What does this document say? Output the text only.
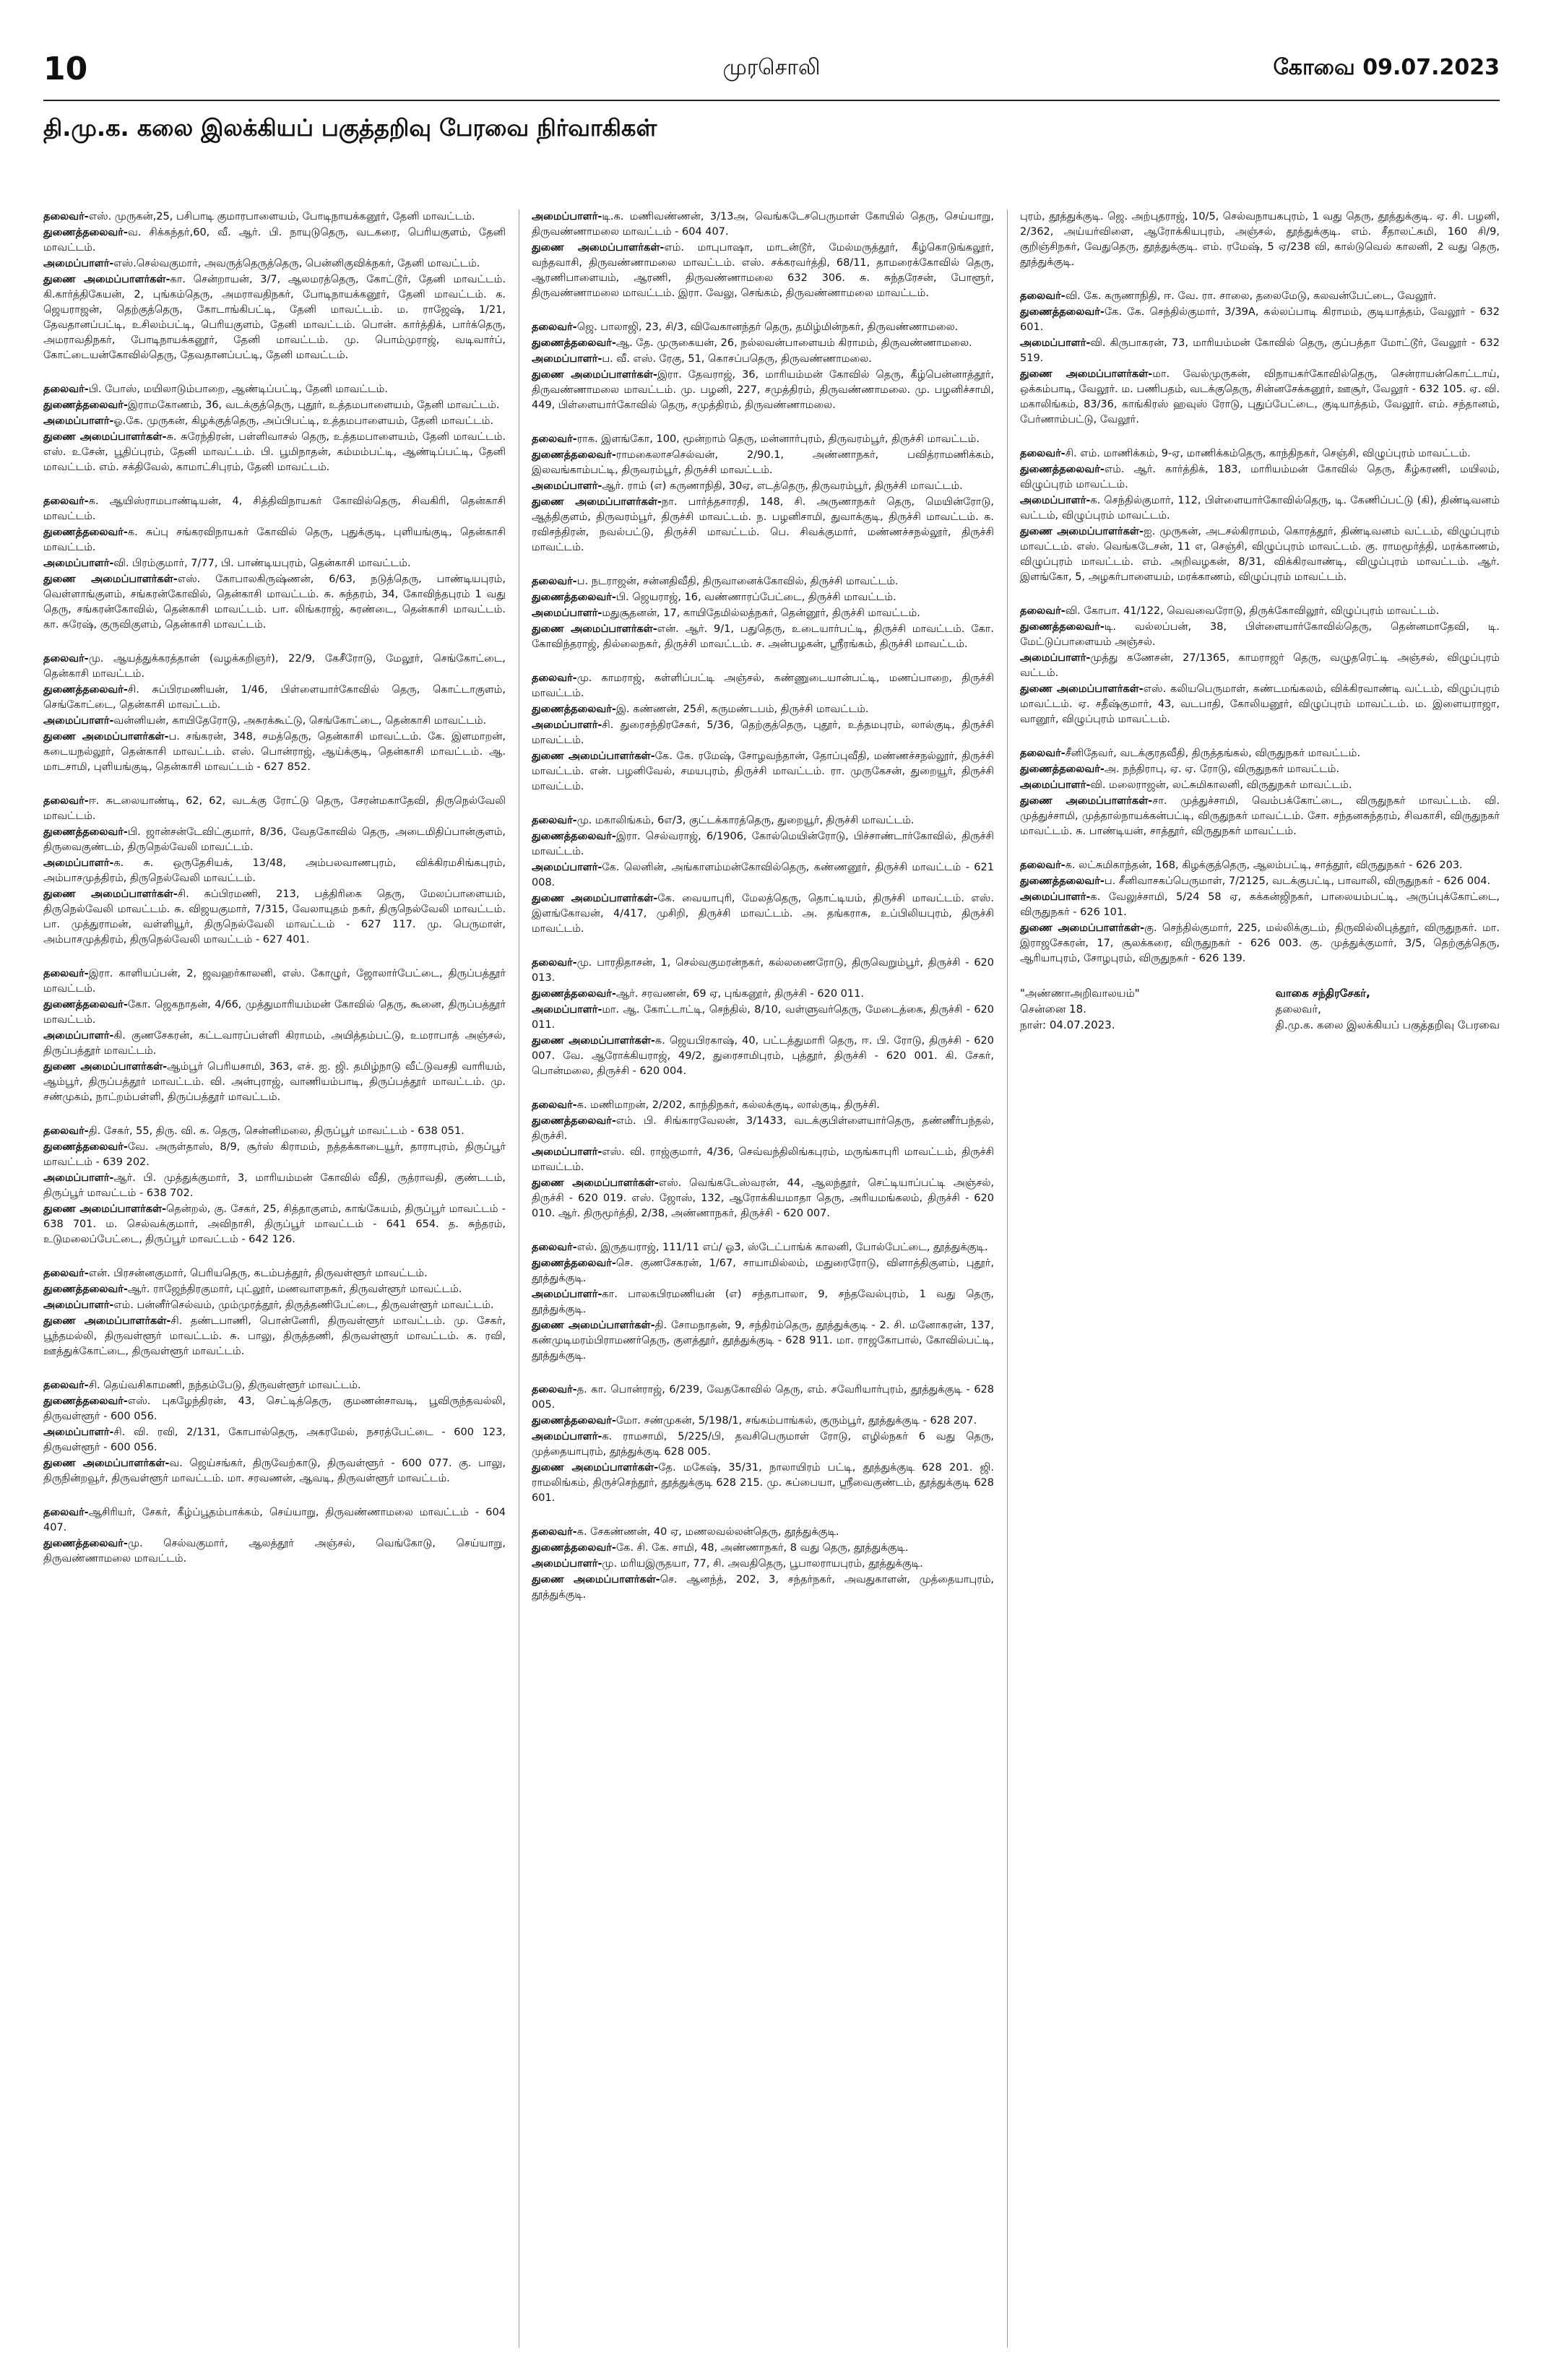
10	முரசொலி	கோவை 09.07.2023
தி.மு.க. கலை இலக்கியப் பகுத்தறிவு பேரவை நிர்வாகிகள்

தலைவர்-எஸ். முருகன்,25, பசிபாடி குமாரபாளையம், போடிநாயக்கனூர், தேனி மாவட்டம்.

துணைத்தலைவர்-வ. சிக்கந்தர்,60, வீ. ஆர். பி. நாயுடுதெரு, வடகரை, பெரியகுளம், தேனி மாவட்டம்.

அமைப்பாளர்-எஸ்.செல்வகுமார், அவருத்தெருத்தெரு, பென்னிகுவிக்நகர், தேனி மாவட்டம்.

துணை அமைப்பாளர்கள்-கா. சென்றாயன், 3/7, ஆலமரத்தெரு, கோட்டூர், தேனி மாவட்டம். கி.கார்த்திகேயன், 2, புங்கம்தெரு, அமராவதிநகர், போடிநாயக்கனூர், தேனி மாவட்டம். க. ஜெயராஜன், தெற்குத்தெரு, கோடாங்கிபட்டி, தேனி மாவட்டம். ம. ராஜேஷ், 1/21, தேவதானப்பட்டி, உசிலம்பட்டி, பெரியகுளம், தேனி மாவட்டம். பொன். கார்த்திக், பார்க்தெரு, அமராவதிநகர், போடிநாயக்கனூர், தேனி மாவட்டம். மு. பொம்முராஜ், வடிவார்ப், கோட்டையன்கோவில்தெரு, தேவதானப்பட்டி, தேனி மாவட்டம்.

தலைவர்-பி. போஸ், மயிலாடும்பாறை, ஆண்டிப்பட்டி, தேனி மாவட்டம்.

துணைத்தலைவர்-இராமகோணம், 36, வடக்குத்தெரு, புதூர், உத்தமபாளையம், தேனி மாவட்டம்.

அமைப்பாளர்-ஓ.கே. முருகன், கிழக்குத்தெரு, அப்பிபட்டி, உத்தமபாளையம், தேனி மாவட்டம்.

துணை அமைப்பாளர்கள்-சு. சுரேந்திரன், பள்ளிவாசல் தெரு, உத்தமபாளையம், தேனி மாவட்டம். எஸ். உசேன், பூதிப்புரம், தேனி மாவட்டம். பி. பூமிநாதன், கம்மம்பட்டி, ஆண்டிப்பட்டி, தேனி மாவட்டம். எம். சக்திவேல், காமாட்சிபுரம், தேனி மாவட்டம்.

தலைவர்-க. ஆயிஸ்ராமபாண்டியன், 4, சித்திவிநாயகர் கோவில்தெரு, சிவகிரி, தென்காசி மாவட்டம்.

துணைத்தலைவர்-க. சுப்பு சங்கரவிநாயகர் கோவில் தெரு, புதுக்குடி, புளியங்குடி, தென்காசி மாவட்டம்.

அமைப்பாளர்-வி. பிரம்குமார், 7/77, பி. பாண்டியபுரம், தென்காசி மாவட்டம்.

துணை அமைப்பாளர்கள்-எஸ். கோபாலகிருஷ்ணன், 6/63, நடுத்தெரு, பாண்டியபுரம், வெள்ளாங்குளம், சங்கரன்கோவில், தென்காசி மாவட்டம். சு. சுந்தரம், 34, கோவிந்தபுரம் 1 வது தெரு, சங்கரன்கோவில், தென்காசி மாவட்டம். பா. லிங்கராஜ், சுரண்டை, தென்காசி மாவட்டம். கா. சுரேஷ், குருவிகுளம், தென்காசி மாவட்டம்.

தலைவர்-மு. ஆயத்துக்கரத்தான் (வழக்கறிஞர்), 22/9, கேசீரோடு, மேலூர், செங்கோட்டை, தென்காசி மாவட்டம்.

துணைத்தலைவர்-சி. சுப்பிரமணியன், 1/46, பிள்ளையார்கோவில் தெரு, கொட்டாகுளம், செங்கோட்டை, தென்காசி மாவட்டம்.

அமைப்பாளர்-வன்னியன், காயிதேரோடு, அசுரக்கூட்டு, செங்கோட்டை, தென்காசி மாவட்டம்.

துணை அமைப்பாளர்கள்-ப. சங்கரன், 348, சமத்தெரு, தென்காசி மாவட்டம். கே. இளமாறன், கடையநல்லூர், தென்காசி மாவட்டம். எஸ். பொன்ராஜ், ஆய்க்குடி, தென்காசி மாவட்டம். ஆ. மாடசாமி, புளியங்குடி, தென்காசி மாவட்டம் - 627 852.

தலைவர்-ஈ. சுடலையாண்டி, 62, 62, வடக்கு ரோட்டு தெரு, சேரன்மகாதேவி, திருநெல்வேலி மாவட்டம்.

துணைத்தலைவர்-பி. ஜான்சன்டேவிட்குமார், 8/36, வேதகோவில் தெரு, அடைமிதிப்பான்குளம், திருவைகுண்டம், திருநெல்வேலி மாவட்டம்.

அமைப்பாளர்-க. சு. ஒருதேசியக், 13/48, அம்பலவாணபுரம், விக்கிரமசிங்கபுரம், அம்பாசமுத்திரம், திருநெல்வேலி மாவட்டம்.

துணை அமைப்பாளர்கள்-சி. சுப்பிரமணி, 213, பத்திரிகை தெரு, மேலப்பாளையம், திருநெல்வேலி மாவட்டம். சு. விஜயகுமார், 7/315, வேலாயுதம் நகர், திருநெல்வேலி மாவட்டம். பா. முத்துராமன், வள்ளியூர், திருநெல்வேலி மாவட்டம் - 627 117. மு. பெருமாள், அம்பாசமுத்திரம், திருநெல்வேலி மாவட்டம் - 627 401.

தலைவர்-இரா. காளியப்பன், 2, ஜவஹர்காலனி, எஸ். கோழுர், ஜோலார்பேட்டை, திருப்பத்தூர் மாவட்டம்.

துணைத்தலைவர்-கோ. ஜெகநாதன், 4/66, முத்துமாரியம்மன் கோவில் தெரு, கூனை, திருப்பத்தூர் மாவட்டம்.

அமைப்பாளர்-கி. குணசேகரன், கட்டவாரப்பள்ளி கிராமம், அயித்தம்பட்டு, உமராபாத் அஞ்சல், திருப்பத்தூர் மாவட்டம்.

துணை அமைப்பாளர்கள்-ஆம்பூர் பெரியசாமி, 363, எச். ஐ. ஜி. தமிழ்நாடு வீட்டுவசதி வாரியம், ஆம்பூர், திருப்பத்தூர் மாவட்டம். வி. அன்புராஜ், வாணியம்பாடி, திருப்பத்தூர் மாவட்டம். மு. சண்முகம், நாட்றம்பள்ளி, திருப்பத்தூர் மாவட்டம்.

தலைவர்-தி. சேகர், 55, திரு. வி. க. தெரு, சென்னிமலை, திருப்பூர் மாவட்டம் - 638 051.

துணைத்தலைவர்-வே. அருள்தாஸ், 8/9, சூர்ஸ் கிராமம், நத்தக்காடையூர், தாராபுரம், திருப்பூர் மாவட்டம் - 639 202.

அமைப்பாளர்-ஆர். பி. முத்துக்குமார், 3, மாரியம்மன் கோவில் வீதி, ருத்ராவதி, குண்டடம், திருப்பூர் மாவட்டம் - 638 702.

துணை அமைப்பாளர்கள்-தென்றல், கு. சேகர், 25, சித்தாகுளம், காங்கேயம், திருப்பூர் மாவட்டம் - 638 701. ம. செல்வக்குமார், அவிநாசி, திருப்பூர் மாவட்டம் - 641 654. த. சுந்தரம், உடுமலைப்பேட்டை, திருப்பூர் மாவட்டம் - 642 126.

தலைவர்-என். பிரசன்னகுமார், பெரியதெரு, கடம்பத்தூர், திருவள்ளூர் மாவட்டம்.

துணைத்தலைவர்-ஆர். ராஜேந்திரகுமார், புட்லூர், மணவாளநகர், திருவள்ளூர் மாவட்டம்.

அமைப்பாளர்-எம். பன்னீர்செல்வம், மும்முரத்தூர், திருத்தணிபேட்டை, திருவள்ளூர் மாவட்டம்.

துணை அமைப்பாளர்கள்-சி. தண்டபாணி, பொன்னேரி, திருவள்ளூர் மாவட்டம். மு. சேகர், பூந்தமல்லி, திருவள்ளூர் மாவட்டம். சு. பாலு, திருத்தணி, திருவள்ளூர் மாவட்டம். க. ரவி, ஊத்துக்கோட்டை, திருவள்ளூர் மாவட்டம்.

தலைவர்-சி. தெய்வசிகாமணி, நந்தம்பேடு, திருவள்ளூர் மாவட்டம்.

துணைத்தலைவர்-எஸ். புகழேந்திரன், 43, செட்டித்தெரு, குமணன்சாவடி, பூவிருந்தவல்லி, திருவள்ளூர் - 600 056.

அமைப்பாளர்-சி. வி. ரவி, 2/131, கோபால்தெரு, அகரமேல், நசரத்பேட்டை - 600 123, திருவள்ளூர் - 600 056.

துணை அமைப்பாளர்கள்-வ. ஜெய்சங்கர், திருவேற்காடு, திருவள்ளூர் - 600 077. கு. பாலு, திருநின்றவூர், திருவள்ளூர் மாவட்டம். மா. சரவணன், ஆவடி, திருவள்ளூர் மாவட்டம்.

தலைவர்-ஆசிரியர், சேகர், கீழ்ப்பூதம்பாக்கம், செய்யாறு, திருவண்ணாமலை மாவட்டம் - 604 407.

துணைத்தலைவர்-மு. செல்வகுமார், ஆலத்தூர் அஞ்சல், வெங்கோடு, செய்யாறு, திருவண்ணாமலை மாவட்டம்.

அமைப்பாளர்-டி.க. மணிவண்ணன், 3/13அ, வெங்கடேசபெருமாள் கோயில் தெரு, செய்யாறு, திருவண்ணாமலை மாவட்டம் - 604 407.

துணை அமைப்பாளர்கள்-எம். மாபுபாஷா, மாடன்டூர், மேல்மருத்தூர், கீழ்கொடுங்கலூர், வந்தவாசி, திருவண்ணாமலை மாவட்டம். எஸ். சக்கரவர்த்தி, 68/11, தாமரைக்கோவில் தெரு, ஆரணிபாளையம், ஆரணி, திருவண்ணாமலை 632 306. சு. சுந்தரேசன், போளூர், திருவண்ணாமலை மாவட்டம். இரா. வேலு, செங்கம், திருவண்ணாமலை மாவட்டம்.

தலைவர்-ஜெ. பாலாஜி, 23, சி/3, விவேகானந்தர் தெரு, தமிழ்மின்நகர், திருவண்ணாமலை.

துணைத்தலைவர்-ஆ. தே. முருகையன், 26, நல்லவன்பாளையம் கிராமம், திருவண்ணாமலை.

அமைப்பாளர்-ப. வீ. எஸ். ரேகு, 51, கொசப்பதெரு, திருவண்ணாமலை.

துணை அமைப்பாளர்கள்-இரா. தேவராஜ், 36, மாரியம்மன் கோவில் தெரு, கீழ்பென்னாத்தூர், திருவண்ணாமலை மாவட்டம். மு. பழனி, 227, சமுத்திரம், திருவண்ணாமலை. மு. பழனிச்சாமி, 449, பிள்ளையார்கோவில் தெரு, சமுத்திரம், திருவண்ணாமலை.

தலைவர்-ராக. இளங்கோ, 100, மூன்றாம் தெரு, மன்னார்புரம், திருவரம்பூர், திருச்சி மாவட்டம்.

துணைத்தலைவர்-ராமகைலாசசெல்வன், 2/90.1, அண்ணாநகர், பவித்ராமணிக்கம், இலவங்காம்பட்டி, திருவரம்பூர், திருச்சி மாவட்டம்.

அமைப்பாளர்-ஆர். ராம் (எ) கருணாநிதி, 30ஏ, எடத்தெரு, திருவரம்பூர், திருச்சி மாவட்டம்.

துணை அமைப்பாளர்கள்-நா. பார்த்தசாரதி, 148, சி. அருணாநகர் தெரு, மெயின்ரோடு, ஆத்திகுளம், திருவரம்பூர், திருச்சி மாவட்டம். ந. பழனிசாமி, துவாக்குடி, திருச்சி மாவட்டம். க. ரவிசந்திரன், நவல்பட்டு, திருச்சி மாவட்டம். பெ. சிவக்குமார், மண்ணச்சநல்லூர், திருச்சி மாவட்டம்.

தலைவர்-ப. நடராஜன், சன்னதிவீதி, திருவானைக்கோவில், திருச்சி மாவட்டம்.

துணைத்தலைவர்-பி. ஜெயராஜ், 16, வண்ணாரப்பேட்டை, திருச்சி மாவட்டம்.

அமைப்பாளர்-மதுசூதனன், 17, காயிதேமில்லத்நகர், தென்னூர், திருச்சி மாவட்டம்.

துணை அமைப்பாளர்கள்-என். ஆர். 9/1, பதுதெரு, உடையார்பட்டி, திருச்சி மாவட்டம். கோ. கோவிந்தராஜ், தில்லைநகர், திருச்சி மாவட்டம். ச. அன்பழகன், ஸ்ரீரங்கம், திருச்சி மாவட்டம்.

தலைவர்-மு. காமராஜ், கள்ளிப்பட்டி அஞ்சல், கண்ணுடையான்பட்டி, மணப்பாறை, திருச்சி மாவட்டம்.

துணைத்தலைவர்-இ. கண்ணன், 25சி, கருமண்டபம், திருச்சி மாவட்டம்.

அமைப்பாளர்-சி. துரைசந்திரசேகர், 5/36, தெற்குத்தெரு, புதூர், உத்தமபுரம், லால்குடி, திருச்சி மாவட்டம்.

துணை அமைப்பாளர்கள்-கே. கே. ரமேஷ், சோழவந்தான், தோப்புவீதி, மண்ணச்சநல்லூர், திருச்சி மாவட்டம். என். பழனிவேல், சமயபுரம், திருச்சி மாவட்டம். ரா. முருகேசன், துறையூர், திருச்சி மாவட்டம்.

தலைவர்-மு. மகாலிங்கம், 6எ/3, குட்டக்காரத்தெரு, துறையூர், திருச்சி மாவட்டம்.

துணைத்தலைவர்-இரா. செல்வராஜ், 6/1906, கோல்மெயின்ரோடு, பிச்சாண்டார்கோவில், திருச்சி மாவட்டம்.

அமைப்பாளர்-கே. லெனின், அங்காளம்மன்கோவில்தெரு, கண்ணனூர், திருச்சி மாவட்டம் - 621 008.

துணை அமைப்பாளர்கள்-கே. வையாபுரி, மேலத்தெரு, தொட்டியம், திருச்சி மாவட்டம். எஸ். இளங்கோவன், 4/417, முசிறி, திருச்சி மாவட்டம். அ. தங்கராசு, உப்பிலியபுரம், திருச்சி மாவட்டம்.

தலைவர்-மு. பாரதிதாசன், 1, செல்வகுமரன்நகர், கல்லணைரோடு, திருவெறும்பூர், திருச்சி - 620 013.

துணைத்தலைவர்-ஆர். சரவணன், 69 ஏ, புங்கனூர், திருச்சி - 620 011.

அமைப்பாளர்-மா. ஆ. கோட்டாட்டி, செந்தில், 8/10, வள்ளுவர்தெரு, மேடைத்கை, திருச்சி - 620 011.

துணை அமைப்பாளர்கள்-க. ஜெயபிரகாஷ், 40, பட்டத்துமாரி தெரு, ஈ. பி. ரோடு, திருச்சி - 620 007. வே. ஆரோக்கியராஜ், 49/2, துரைசாமிபுரம், புத்தூர், திருச்சி - 620 001. கி. சேகர், பொன்மலை, திருச்சி - 620 004.

தலைவர்-க. மணிமாறன், 2/202, காந்திநகர், கல்லக்குடி, லால்குடி, திருச்சி.

துணைத்தலைவர்-எம். பி. சிங்காரவேலன், 3/1433, வடக்குபிள்ளையார்தெரு, தண்ணீர்பந்தல், திருச்சி.

அமைப்பாளர்-எஸ். வி. ராஜ்குமார், 4/36, செவ்வந்திலிங்கபுரம், மருங்காபுரி மாவட்டம், திருச்சி மாவட்டம்.

துணை அமைப்பாளர்கள்-எஸ். வெங்கடேஸ்வரன், 44, ஆலந்தூர், செட்டியாப்பட்டி அஞ்சல், திருச்சி - 620 019. எஸ். ஜோஸ், 132, ஆரோக்கியமாதா தெரு, அரியமங்கலம், திருச்சி - 620 010. ஆர். திருமூர்த்தி, 2/38, அண்ணாநகர், திருச்சி - 620 007.

தலைவர்-எல். இருதயராஜ், 111/11 எப்/ ஓ3, ஸ்டேட்பாங்க் காலனி, போல்பேட்டை, தூத்துக்குடி.

துணைத்தலைவர்-செ. குணசேகரன், 1/67, சாயாமில்லம், மதுரைரோடு, விளாத்திகுளம், புதூர், தூத்துக்குடி.

அமைப்பாளர்-கா. பாலகபிரமணியன் (எ) சந்தாபாலா, 9, சந்தவேல்புரம், 1 வது தெரு, தூத்துக்குடி.

துணை அமைப்பாளர்கள்-தி. சோமநாதன், 9, சந்திரம்தெரு, தூத்துக்குடி - 2. சி. மனோகரன், 137, கண்முடிமரம்பிராமணர்தெரு, குளத்தூர், தூத்துக்குடி - 628 911. மா. ராஜகோபால், கோவில்பட்டி, தூத்துக்குடி.

தலைவர்-த. கா. பொன்ராஜ், 6/239, வேதகோவில் தெரு, எம். சவேரியார்புரம், தூத்துக்குடி - 628 005.

துணைத்தலைவர்-மோ. சண்முகன், 5/198/1, சங்கம்பாங்கல், குரும்பூர், தூத்துக்குடி - 628 207.

அமைப்பாளர்-க. ராமசாமி, 5/225/பி, தவசிபெருமாள் ரோடு, எழில்நகர் 6 வது தெரு, முத்தையாபுரம், தூத்துக்குடி 628 005.

துணை அமைப்பாளர்கள்-தே. மகேஷ், 35/31, நாலாயிரம் பட்டி, தூத்துக்குடி 628 201. ஜி. ராமலிங்கம், திருச்செந்தூர், தூத்துக்குடி 628 215. மு. சுப்பையா, ஸ்ரீவைகுண்டம், தூத்துக்குடி 628 601.

தலைவர்-க. சேகண்ணன், 40 ஏ, மணலவல்லன்தெரு, தூத்துக்குடி.

துணைத்தலைவர்-கே. சி. கே. சாமி, 48, அண்ணாநகர், 8 வது தெரு, தூத்துக்குடி.

அமைப்பாளர்-மு. மரியஇருதயா, 77, சி. அவதிதெரு, பூபாலராயபுரம், தூத்துக்குடி.

துணை அமைப்பாளர்கள்-செ. ஆனந்த், 202, 3, சந்தர்நகர், அவதுகாளன், முத்தையாபுரம், தூத்துக்குடி.

புரம், தூத்துக்குடி. ஜெ. அற்புதராஜ், 10/5, செல்வநாயகபுரம், 1 வது தெரு, தூத்துக்குடி. ஏ. சி. பழனி, 2/362, அய்யர்விளை, ஆரோக்கியபுரம், அஞ்சல், தூத்துக்குடி. எம். சீதாலட்சுமி, 160 சி/9, குறிஞ்சிநகர், வேதுதெரு, தூத்துக்குடி. எம். ரமேஷ், 5 ஏ/238 வி, கால்டுவெல் காலனி, 2 வது தெரு, தூத்துக்குடி.

தலைவர்-வி. கே. கருணாநிதி, ஈ. வே. ரா. சாலை, தலைமேடு, கலவன்பேட்டை, வேலூர்.

துணைத்தலைவர்-கே. கே. செந்தில்குமார், 3/39A, கல்லப்பாடி கிராமம், குடியாத்தம், வேலூர் - 632 601.

அமைப்பாளர்-வி. கிருபாகரன், 73, மாரியம்மன் கோவில் தெரு, குப்பத்தா மோட்டூர், வேலூர் - 632 519.

துணை அமைப்பாளர்கள்-மா. வேல்முருகன், விநாயகர்கோவில்தெரு, சென்ராயன்கொட்டாய், ஒக்கம்பாடி, வேலூர். ம. பணிபதம், வடக்குதெரு, சின்னசேக்கனூர், ஊசூர், வேலூர் - 632 105. ஏ. வி. மகாலிங்கம், 83/36, காங்கிரஸ் ஹவுஸ் ரோடு, புதுப்பேட்டை, குடியாத்தம், வேலூர். எம். சந்தானம், பேர்ணாம்பட்டு, வேலூர்.

தலைவர்-சி. எம். மாணிக்கம், 9-ஏ, மாணிக்கம்தெரு, காந்திநகர், செஞ்சி, விழுப்புரம் மாவட்டம்.

துணைத்தலைவர்-எம். ஆர். கார்த்திக், 183, மாரியம்மன் கோவில் தெரு, கீழ்கரணி, மயிலம், விழுப்புரம் மாவட்டம்.

அமைப்பாளர்-க. செந்தில்குமார், 112, பிள்ளையார்கோவில்தெரு, டி. கேணிப்பட்டு (கி), திண்டிவனம் வட்டம், விழுப்புரம் மாவட்டம்.

துணை அமைப்பாளர்கள்-ஐ. முருகன், அடசல்கிராமம், கொரத்தூர், திண்டிவனம் வட்டம், விழுப்புரம் மாவட்டம். எஸ். வெங்கடேசன், 11 எ, செஞ்சி, விழுப்புரம் மாவட்டம். கு. ராமமூர்த்தி, மரக்காணம், விழுப்புரம் மாவட்டம். எம். அறிவழகன், 8/31, விக்கிரவாண்டி, விழுப்புரம் மாவட்டம். ஆர். இளங்கோ, 5, அழகர்பாளையம், மரக்காணம், விழுப்புரம் மாவட்டம்.

தலைவர்-வி. கோபா. 41/122, வெவவைரோடு, திருக்கோவிலூர், விழுப்புரம் மாவட்டம்.

துணைத்தலைவர்-டி. வல்லப்பன், 38, பிள்ளையார்கோவில்தெரு, தென்னமாதேவி, டி. மேட்டுப்பாளையம் அஞ்சல்.

அமைப்பாளர்-முத்து கணேசன், 27/1365, காமராஜர் தெரு, வழுதரெட்டி அஞ்சல், விழுப்புரம் வட்டம்.

துணை அமைப்பாளர்கள்-எஸ். கலியபெருமாள், கண்டமங்கலம், விக்கிரவாண்டி வட்டம், விழுப்புரம் மாவட்டம். ஏ. சதீஷ்குமார், 43, வடபாதி, கோலியனூர், விழுப்புரம் மாவட்டம். ம. இளையராஜா, வானூர், விழுப்புரம் மாவட்டம்.

தலைவர்-சீனிதேவர், வடக்குரதவீதி, திருத்தங்கல், விருதுநகர் மாவட்டம்.

துணைத்தலைவர்-அ. நந்திராபு, ஏ. ஏ. ரோடு, விருதுநகர் மாவட்டம்.

அமைப்பாளர்-வி. மலைராஜன், லட்சுமிகாலனி, விருதுநகர் மாவட்டம்.

துணை அமைப்பாளர்கள்-சா. முத்துச்சாமி, வெம்பக்கோட்டை, விருதுநகர் மாவட்டம். வி. முத்துச்சாமி, முத்தால்நாயக்கன்பட்டி, விருதுநகர் மாவட்டம். சோ. சந்தனசுந்தரம், சிவகாசி, விருதுநகர் மாவட்டம். சு. பாண்டியன், சாத்தூர், விருதுநகர் மாவட்டம்.

தலைவர்-க. லட்சுமிகாந்தன், 168, கிழக்குத்தெரு, ஆலம்பட்டி, சாத்தூர், விருதுநகர் - 626 203.

துணைத்தலைவர்-ப. சீனிவாசகப்பெருமாள், 7/2125, வடக்குபட்டி, பாவாலி, விருதுநகர் - 626 004.

அமைப்பாளர்-க. வேலுச்சாமி, 5/24 58 ஏ, கக்கன்ஜிநகர், பாலையம்பட்டி, அருப்புக்கோட்டை, விருதுநகர் - 626 101.

துணை அமைப்பாளர்கள்-கு. செந்தில்குமார், 225, மல்லிக்குடம், திருவில்லிபுத்தூர், விருதுநகர். மா. இராஜசேகரன், 17, சூலக்கரை, விருதுநகர் - 626 003. கு. முத்துக்குமார், 3/5, தெற்குத்தெரு, ஆரியாபுரம், சோழபுரம், விருதுநகர் - 626 139.

"அண்ணாஅறிவாலயம்"
சென்னை 18.
நாள்: 04.07.2023.
வாகை சந்திரசேகர்,
தலைவர்,
தி.மு.க. கலை இலக்கியப் பகுத்தறிவு பேரவை
